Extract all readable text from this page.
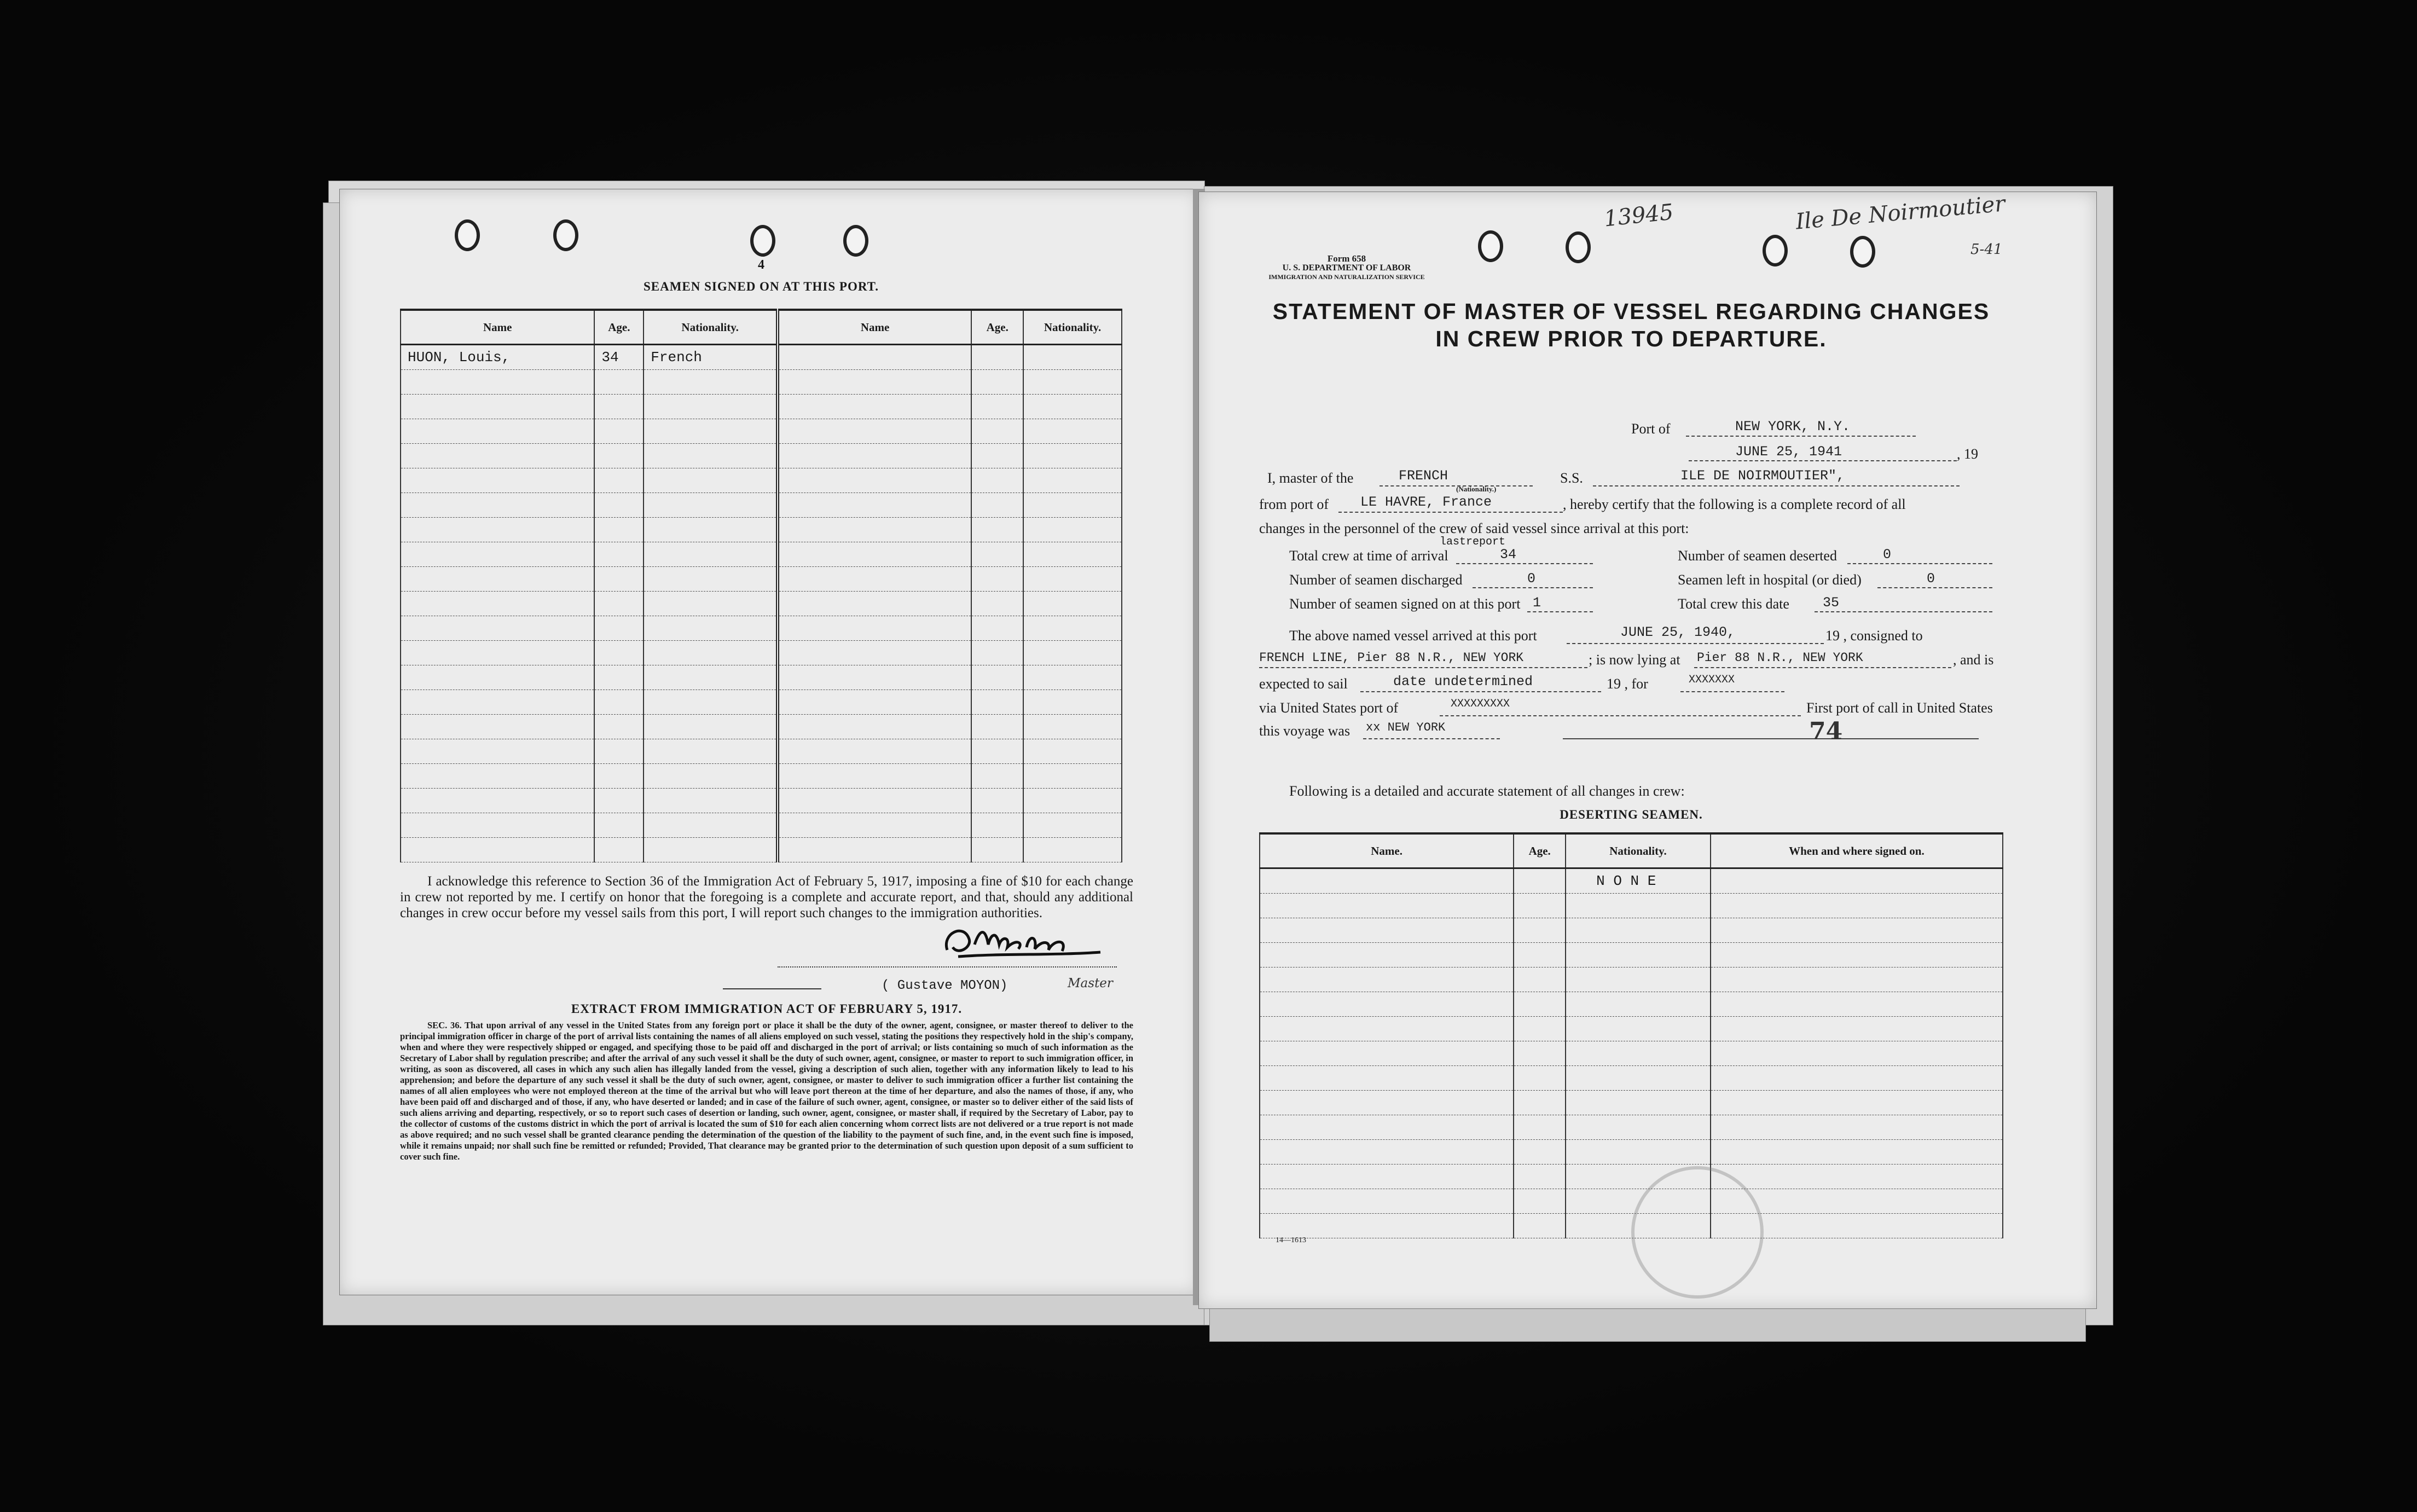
4
SEAMEN SIGNED ON AT THIS PORT.
Name	Age.	Nationality.	Name	Age.	Nationality.
HUON, Louis,	34	French			

I acknowledge this reference to Section 36 of the Immigration Act of February 5, 1917, imposing a fine of $10 for each change in crew not reported by me. I certify on honor that the foregoing is a complete and accurate report, and that, should any additional changes in crew occur before my vessel sails from this port, I will report such changes to the immigration authorities.
( Gustave MOYON)	Master
EXTRACT FROM IMMIGRATION ACT OF FEBRUARY 5, 1917.
SEC. 36. That upon arrival of any vessel in the United States from any foreign port or place it shall be the duty of the owner, agent, consignee, or master thereof to deliver to the principal immigration officer in charge of the port of arrival lists containing the names of all aliens employed on such vessel, stating the positions they respectively hold in the ship's company, when and where they were respectively shipped or engaged, and specifying those to be paid off and discharged in the port of arrival; or lists containing so much of such information as the Secretary of Labor shall by regulation prescribe; and after the arrival of any such vessel it shall be the duty of such owner, agent, consignee, or master to report to such immigration officer, in writing, as soon as discovered, all cases in which any such alien has illegally landed from the vessel, giving a description of such alien, together with any information likely to lead to his apprehension; and before the departure of any such vessel it shall be the duty of such owner, agent, consignee, or master to deliver to such immigration officer a further list containing the names of all alien employees who were not employed thereon at the time of the arrival but who will leave port thereon at the time of her departure, and also the names of those, if any, who have been paid off and discharged and of those, if any, who have deserted or landed; and in case of the failure of such owner, agent, consignee, or master so to deliver either of the said lists of such aliens arriving and departing, respectively, or so to report such cases of desertion or landing, such owner, agent, consignee, or master shall, if required by the Secretary of Labor, pay to the collector of customs of the customs district in which the port of arrival is located the sum of $10 for each alien concerning whom correct lists are not delivered or a true report is not made as above required; and no such vessel shall be granted clearance pending the determination of the question of the liability to the payment of such fine, and, in the event such fine is imposed, while it remains unpaid; nor shall such fine be remitted or refunded; Provided, That clearance may be granted prior to the determination of such question upon deposit of a sum sufficient to cover such fine.
13945	Ile De Noirmoutier
5-41
Form 658
U. S. DEPARTMENT OF LABOR
IMMIGRATION AND NATURALIZATION SERVICE
STATEMENT OF MASTER OF VESSEL REGARDING CHANGES
IN CREW PRIOR TO DEPARTURE.
Port of	NEW YORK, N.Y.
JUNE 25, 1941	, 19
I, master of the	FRENCH
(Nationality.)
S.S.	ILE DE NOIRMOUTIER",
from port of LE HAVRE, France	, hereby certify that the following is a complete record of all
changes in the personnel of the crew of said vessel since arrival at this port:
lastreport
Total crew at time of arrival	34	Number of seamen deserted	0
Number of seamen discharged	0	Seamen left in hospital (or died)	0
Number of seamen signed on at this port 1	Total crew this date 35
The above named vessel arrived at this port	JUNE 25, 1940,	19 , consigned to
FRENCH LINE, Pier 88 N.R., NEW YORK	; is now lying at Pier 88 N.R., NEW YORK	, and is
expected to sail	date undetermined	19 , for	XXXXXXX
via United States port of	XXXXXXXXX	First port of call in United States
this voyage was xx NEW YORK	74
Following is a detailed and accurate statement of all changes in crew:
DESERTING SEAMEN.
Name.	Age.	Nationality.	When and where signed on.
		N O N E	

14—1613
